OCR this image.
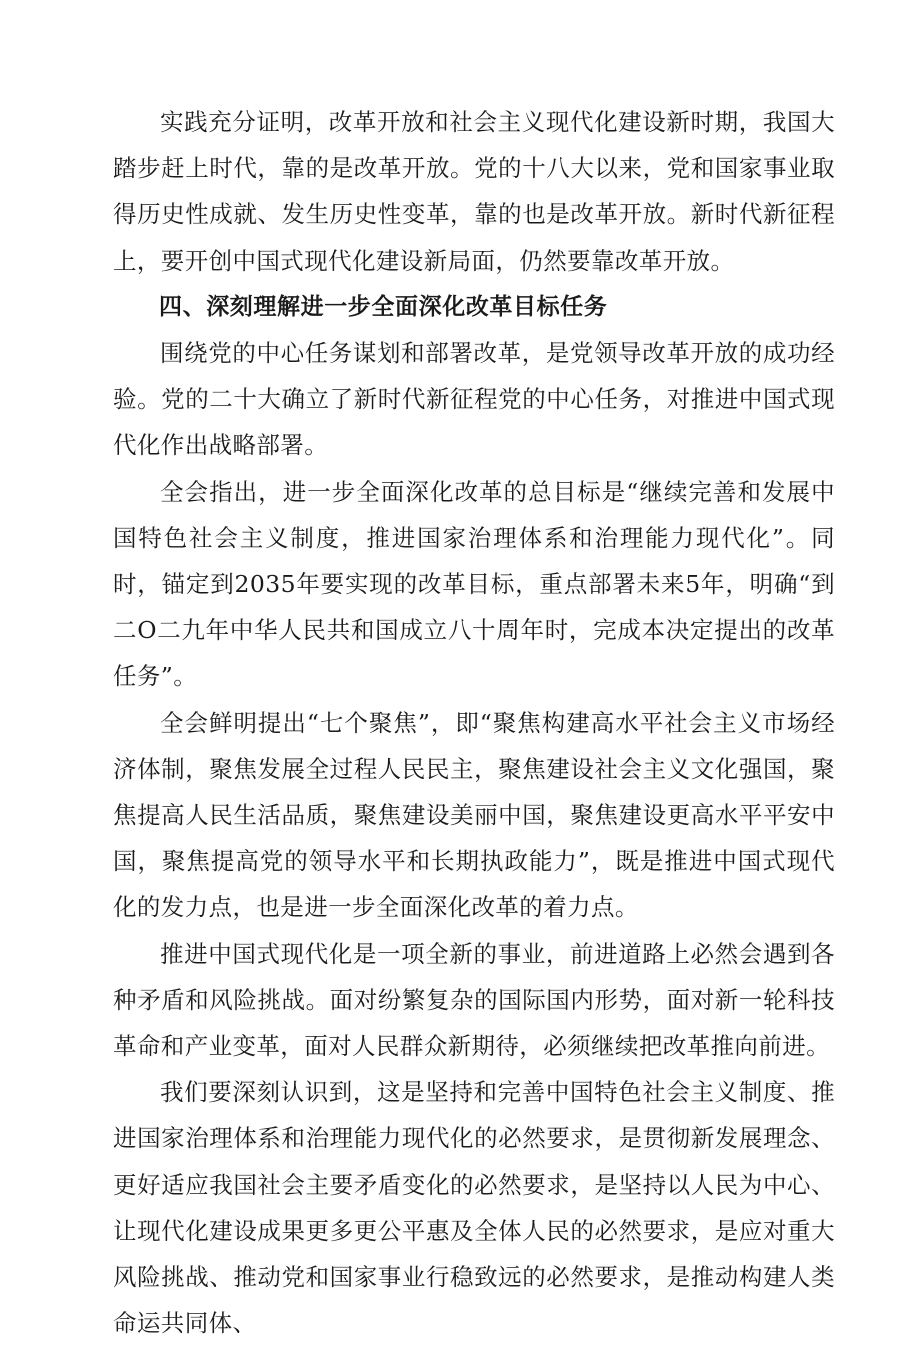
实践充分证明，改革开放和社会主义现代化建设新时期，我国大踏步赶上时代，靠的是改革开放。党的十八大以来，党和国家事业取得历史性成就、发生历史性变革，靠的也是改革开放。新时代新征程上，要开创中国式现代化建设新局面，仍然要靠改革开放。

四、深刻理解进一步全面深化改革目标任务

围绕党的中心任务谋划和部署改革，是党领导改革开放的成功经验。党的二十大确立了新时代新征程党的中心任务，对推进中国式现代化作出战略部署。

全会指出，进一步全面深化改革的总目标是“继续完善和发展中国特色社会主义制度，推进国家治理体系和治理能力现代化”。同时，锚定到2035年要实现的改革目标，重点部署未来5年，明确“到二O二九年中华人民共和国成立八十周年时，完成本决定提出的改革任务”。

全会鲜明提出“七个聚焦”，即“聚焦构建高水平社会主义市场经济体制，聚焦发展全过程人民民主，聚焦建设社会主义文化强国，聚焦提高人民生活品质，聚焦建设美丽中国，聚焦建设更高水平平安中国，聚焦提高党的领导水平和长期执政能力”，既是推进中国式现代化的发力点，也是进一步全面深化改革的着力点。

推进中国式现代化是一项全新的事业，前进道路上必然会遇到各种矛盾和风险挑战。面对纷繁复杂的国际国内形势，面对新一轮科技革命和产业变革，面对人民群众新期待，必须继续把改革推向前进。

我们要深刻认识到，这是坚持和完善中国特色社会主义制度、推进国家治理体系和治理能力现代化的必然要求，是贯彻新发展理念、更好适应我国社会主要矛盾变化的必然要求，是坚持以人民为中心、让现代化建设成果更多更公平惠及全体人民的必然要求，是应对重大风险挑战、推动党和国家事业行稳致远的必然要求，是推动构建人类命运共同体、
